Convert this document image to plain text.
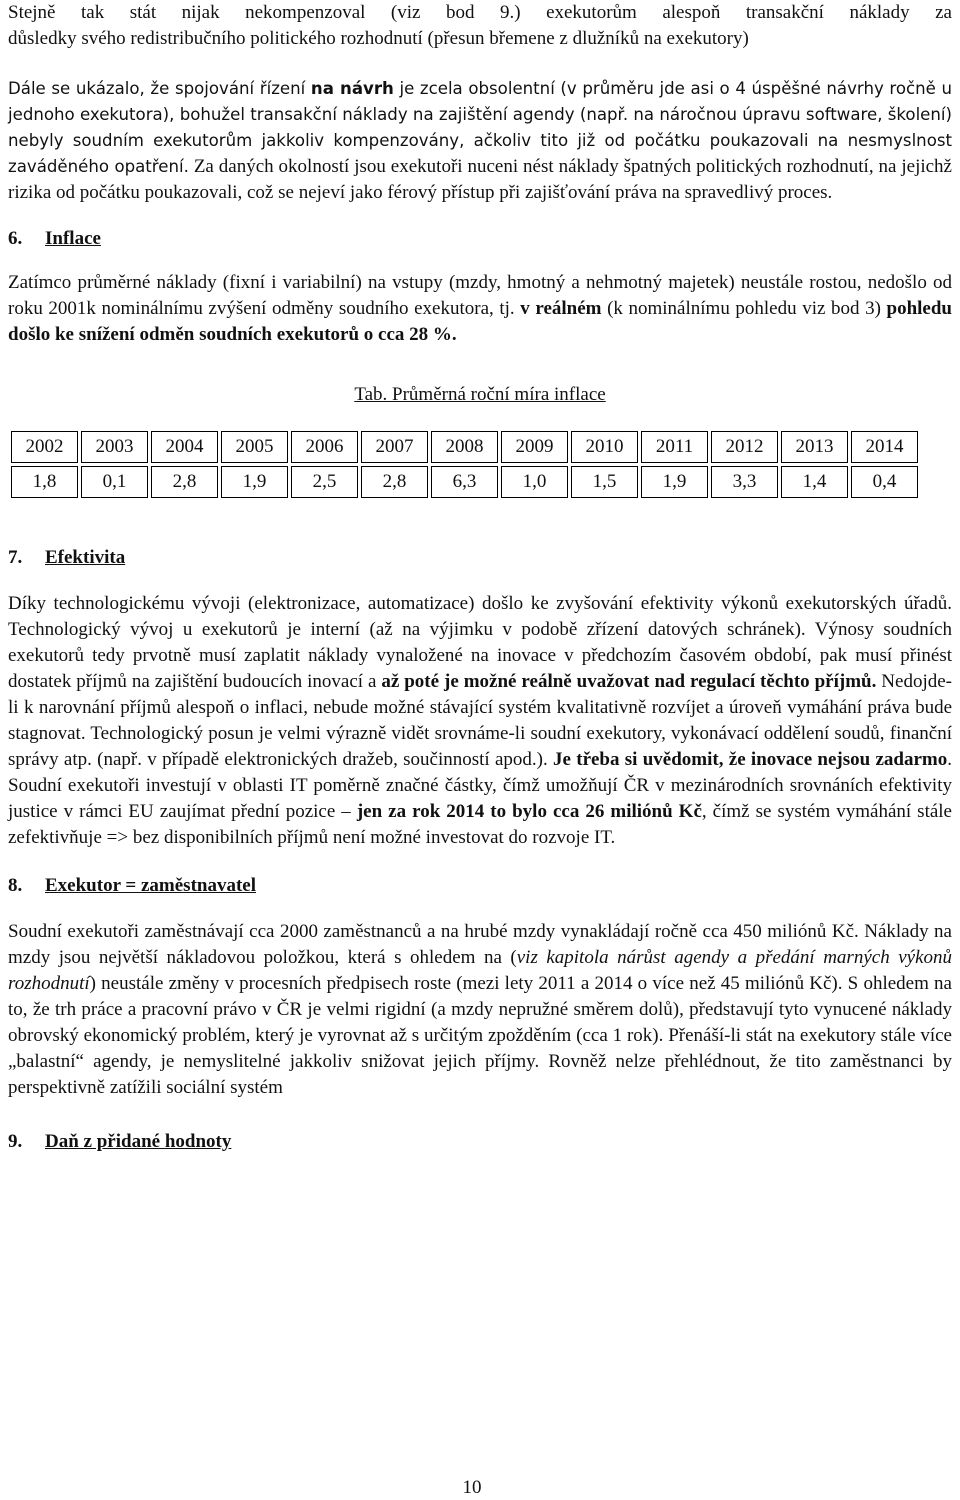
Stejně tak stát nijak nekompenzoval (viz bod 9.) exekutorům alespoň transakční náklady za

důsledky svého redistribučního politického rozhodnutí (přesun břemene z dlužníků na exekutory)

Dále se ukázalo, že spojování řízení na návrh je zcela obsolentní (v průměru jde asi o 4 úspěšné návrhy ročně u jednoho exekutora), bohužel transakční náklady na zajištění agendy (např. na náročnou úpravu software, školení) nebyly soudním exekutorům jakkoliv kompenzovány, ačkoliv tito již od počátku poukazovali na nesmyslnost zaváděného opatření. Za daných okolností jsou exekutoři nuceni nést náklady špatných politických rozhodnutí, na jejichž rizika od počátku poukazovali, což se nejeví jako férový přístup při zajišťování práva na spravedlivý proces.

6. Inflace

Zatímco průměrné náklady (fixní i variabilní) na vstupy (mzdy, hmotný a nehmotný majetek) neustále rostou, nedošlo od roku 2001k nominálnímu zvýšení odměny soudního exekutora, tj. v reálném (k nominálnímu pohledu viz bod 3) pohledu došlo ke snížení odměn soudních exekutorů o cca 28 %.

Tab. Průměrná roční míra inflace

2002	2003	2004	2005	2006	2007	2008	2009	2010	2011	2012	2013	2014
1,8	0,1	2,8	1,9	2,5	2,8	6,3	1,0	1,5	1,9	3,3	1,4	0,4
7. Efektivita

Díky technologickému vývoji (elektronizace, automatizace) došlo ke zvyšování efektivity výkonů exekutorských úřadů. Technologický vývoj u exekutorů je interní (až na výjimku v podobě zřízení datových schránek). Výnosy soudních exekutorů tedy prvotně musí zaplatit náklady vynaložené na inovace v předchozím časovém období, pak musí přinést dostatek příjmů na zajištění budoucích inovací a až poté je možné reálně uvažovat nad regulací těchto příjmů. Nedojde-li k narovnání příjmů alespoň o inflaci, nebude možné stávající systém kvalitativně rozvíjet a úroveň vymáhání práva bude stagnovat. Technologický posun je velmi výrazně vidět srovnáme-li soudní exekutory, vykonávací oddělení soudů, finanční správy atp. (např. v případě elektronických dražeb, součinností apod.). Je třeba si uvědomit, že inovace nejsou zadarmo. Soudní exekutoři investují v oblasti IT poměrně značné částky, čímž umožňují ČR v mezinárodních srovnáních efektivity justice v rámci EU zaujímat přední pozice – jen za rok 2014 to bylo cca 26 miliónů Kč, čímž se systém vymáhání stále zefektivňuje => bez disponibilních příjmů není možné investovat do rozvoje IT.

8. Exekutor = zaměstnavatel

Soudní exekutoři zaměstnávají cca 2000 zaměstnanců a na hrubé mzdy vynakládají ročně cca 450 miliónů Kč. Náklady na mzdy jsou největší nákladovou položkou, která s ohledem na (viz kapitola nárůst agendy a předání marných výkonů rozhodnutí) neustále změny v procesních předpisech roste (mezi lety 2011 a 2014 o více než 45 miliónů Kč). S ohledem na to, že trh práce a pracovní právo v ČR je velmi rigidní (a mzdy nepružné směrem dolů), představují tyto vynucené náklady obrovský ekonomický problém, který je vyrovnat až s určitým zpožděním (cca 1 rok). Přenáší-li stát na exekutory stále více „balastní“ agendy, je nemyslitelné jakkoliv snižovat jejich příjmy. Rovněž nelze přehlédnout, že tito zaměstnanci by perspektivně zatížili sociální systém

9. Daň z přidané hodnoty
10
